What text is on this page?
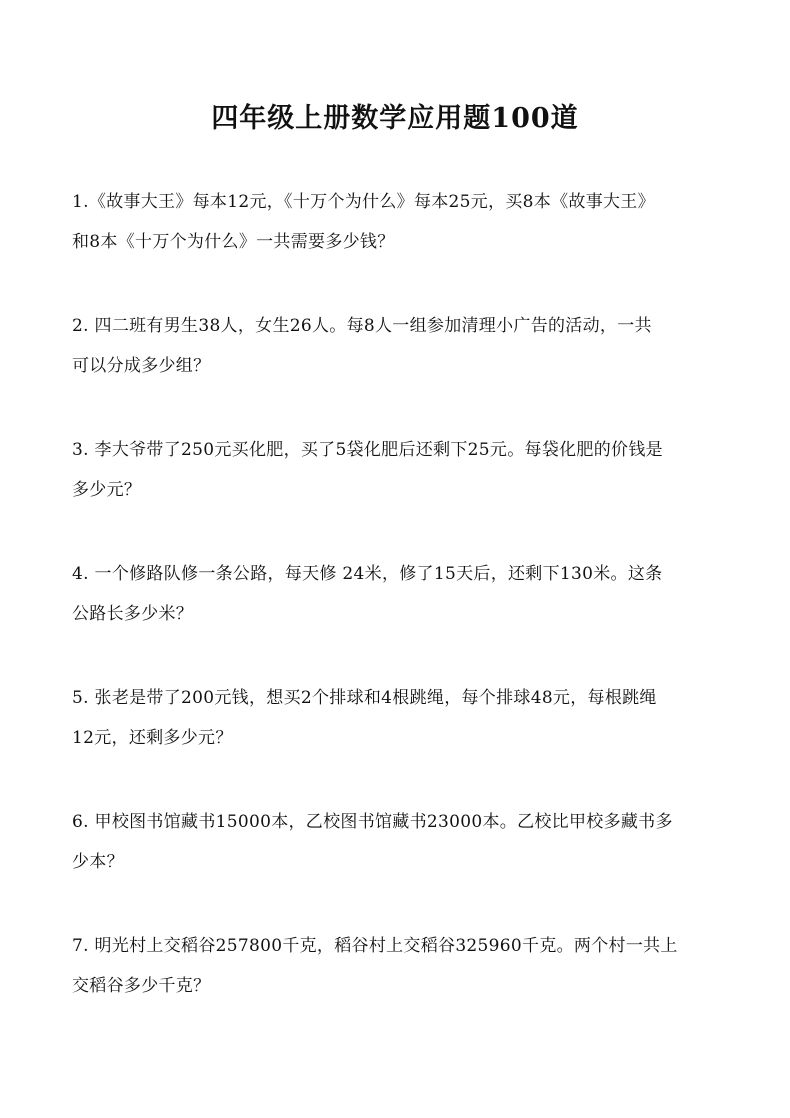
四年级上册数学应用题100道
1.《故事大王》每本12元，《十万个为什么》每本25元，买8本《故事大王》
和8本《十万个为什么》一共需要多少钱？
2. 四二班有男生38人，女生26人。每8人一组参加清理小广告的活动，一共
可以分成多少组？
3. 李大爷带了250元买化肥，买了5袋化肥后还剩下25元。每袋化肥的价钱是
多少元？
4. 一个修路队修一条公路，每天修 24米，修了15天后，还剩下130米。这条
公路长多少米？
5. 张老是带了200元钱，想买2个排球和4根跳绳，每个排球48元，每根跳绳
12元，还剩多少元？
6. 甲校图书馆藏书15000本，乙校图书馆藏书23000本。乙校比甲校多藏书多
少本？
7. 明光村上交稻谷257800千克，稻谷村上交稻谷325960千克。两个村一共上
交稻谷多少千克？
